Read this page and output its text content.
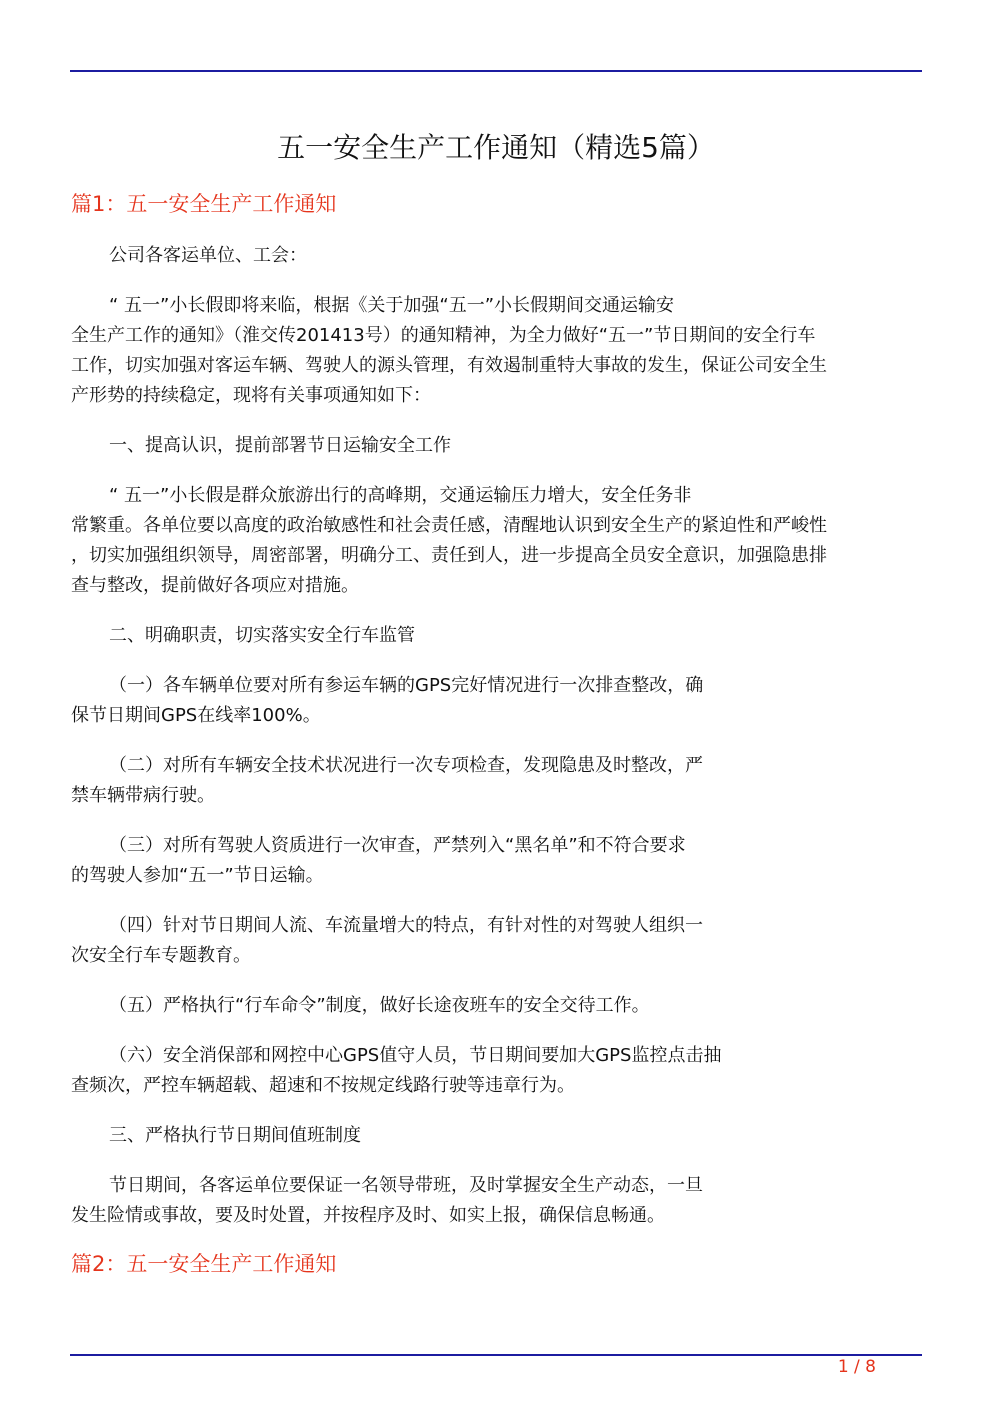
五一安全生产工作通知（精选5篇）
篇1：五一安全生产工作通知
公司各客运单位、工会：
“ 五一”小长假即将来临，根据《关于加强“五一”小长假期间交通运输安
全生产工作的通知》（淮交传201413号）的通知精神，为全力做好“五一”节日期间的安全行车
工作，切实加强对客运车辆、驾驶人的源头管理，有效遏制重特大事故的发生，保证公司安全生
产形势的持续稳定，现将有关事项通知如下：
一、提高认识，提前部署节日运输安全工作
“ 五一”小长假是群众旅游出行的高峰期，交通运输压力增大，安全任务非
常繁重。各单位要以高度的政治敏感性和社会责任感，清醒地认识到安全生产的紧迫性和严峻性
，切实加强组织领导，周密部署，明确分工、责任到人，进一步提高全员安全意识，加强隐患排
查与整改，提前做好各项应对措施。
二、明确职责，切实落实安全行车监管
（一）各车辆单位要对所有参运车辆的GPS完好情况进行一次排查整改，确
保节日期间GPS在线率100%。
（二）对所有车辆安全技术状况进行一次专项检查，发现隐患及时整改，严
禁车辆带病行驶。
（三）对所有驾驶人资质进行一次审查，严禁列入“黑名单”和不符合要求
的驾驶人参加“五一”节日运输。
（四）针对节日期间人流、车流量增大的特点，有针对性的对驾驶人组织一
次安全行车专题教育。
（五）严格执行“行车命令”制度，做好长途夜班车的安全交待工作。
（六）安全消保部和网控中心GPS值守人员，节日期间要加大GPS监控点击抽
查频次，严控车辆超载、超速和不按规定线路行驶等违章行为。
三、严格执行节日期间值班制度
节日期间，各客运单位要保证一名领导带班，及时掌握安全生产动态，一旦
发生险情或事故，要及时处置，并按程序及时、如实上报，确保信息畅通。
篇2：五一安全生产工作通知
1 / 8
